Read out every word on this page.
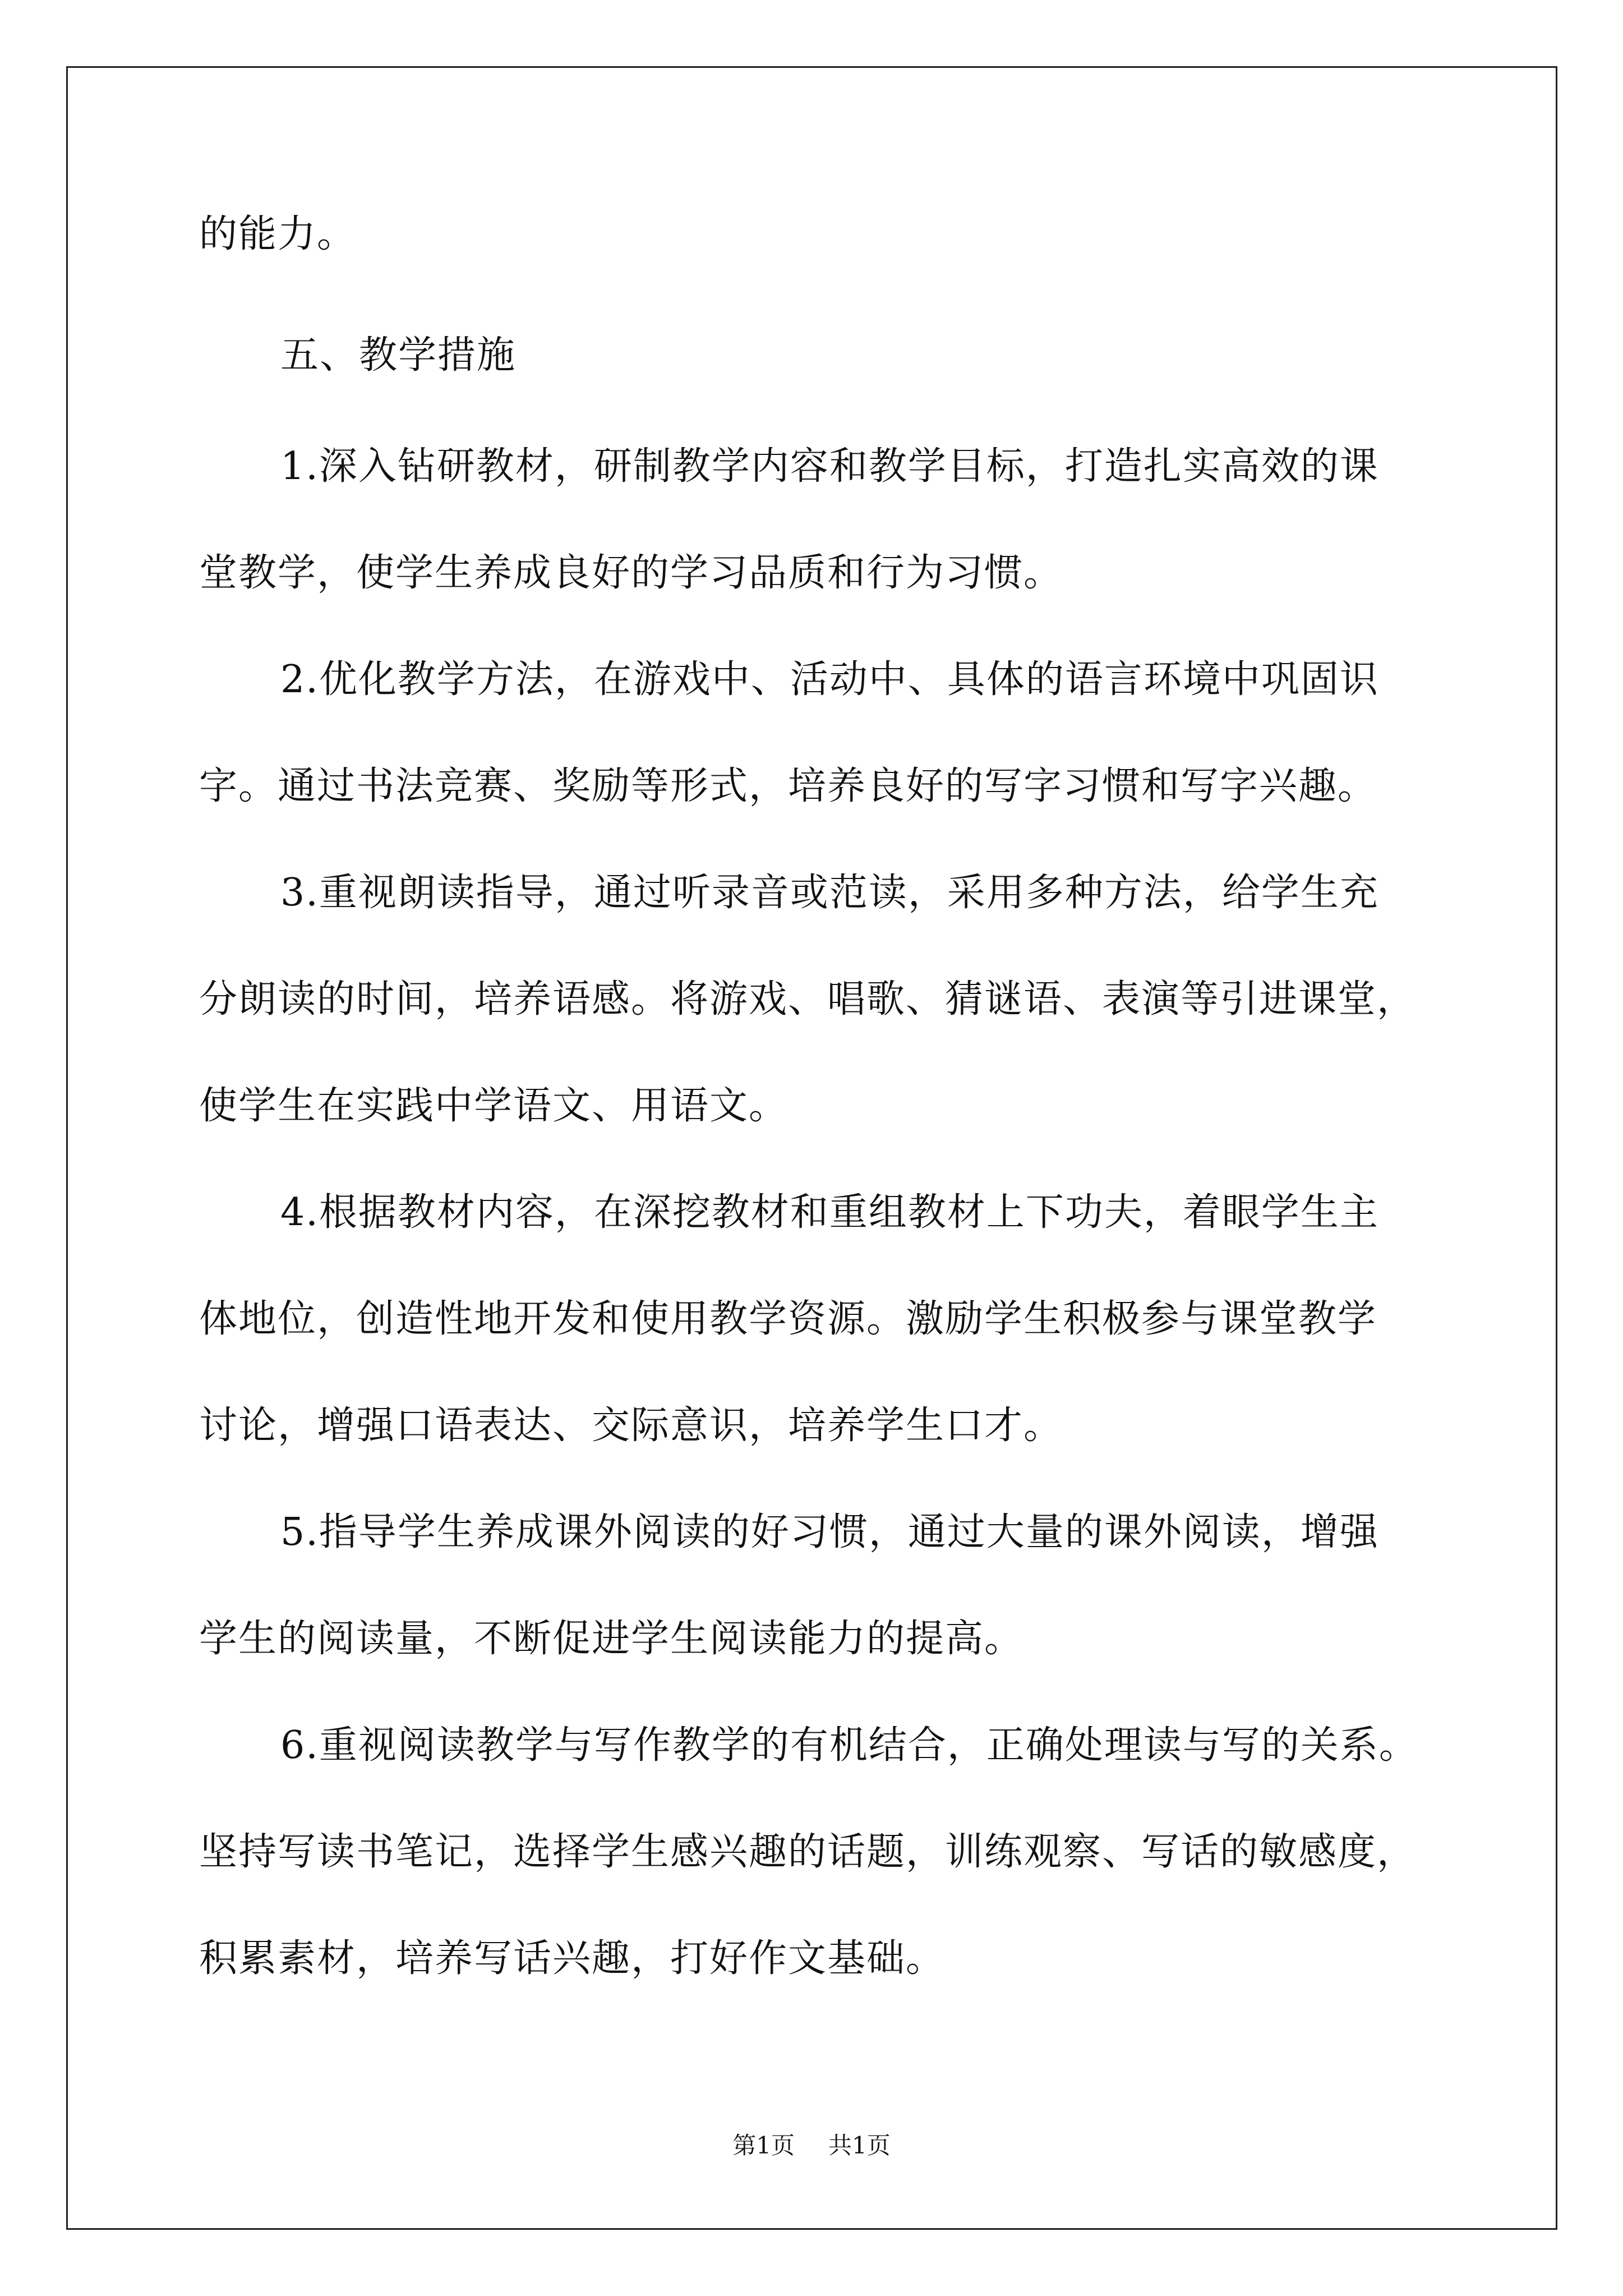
的能力。
五、教学措施
1.深入钻研教材，研制教学内容和教学目标，打造扎实高效的课
堂教学，使学生养成良好的学习品质和行为习惯。
2.优化教学方法，在游戏中、活动中、具体的语言环境中巩固识
字。通过书法竞赛、奖励等形式，培养良好的写字习惯和写字兴趣。
3.重视朗读指导，通过听录音或范读，采用多种方法，给学生充
分朗读的时间，培养语感。将游戏、唱歌、猜谜语、表演等引进课堂，
使学生在实践中学语文、用语文。
4.根据教材内容，在深挖教材和重组教材上下功夫，着眼学生主
体地位，创造性地开发和使用教学资源。激励学生积极参与课堂教学
讨论，增强口语表达、交际意识，培养学生口才。
5.指导学生养成课外阅读的好习惯，通过大量的课外阅读，增强
学生的阅读量，不断促进学生阅读能力的提高。
6.重视阅读教学与写作教学的有机结合，正确处理读与写的关系。
坚持写读书笔记，选择学生感兴趣的话题，训练观察、写话的敏感度，
积累素材，培养写话兴趣，打好作文基础。
第1页 共1页
